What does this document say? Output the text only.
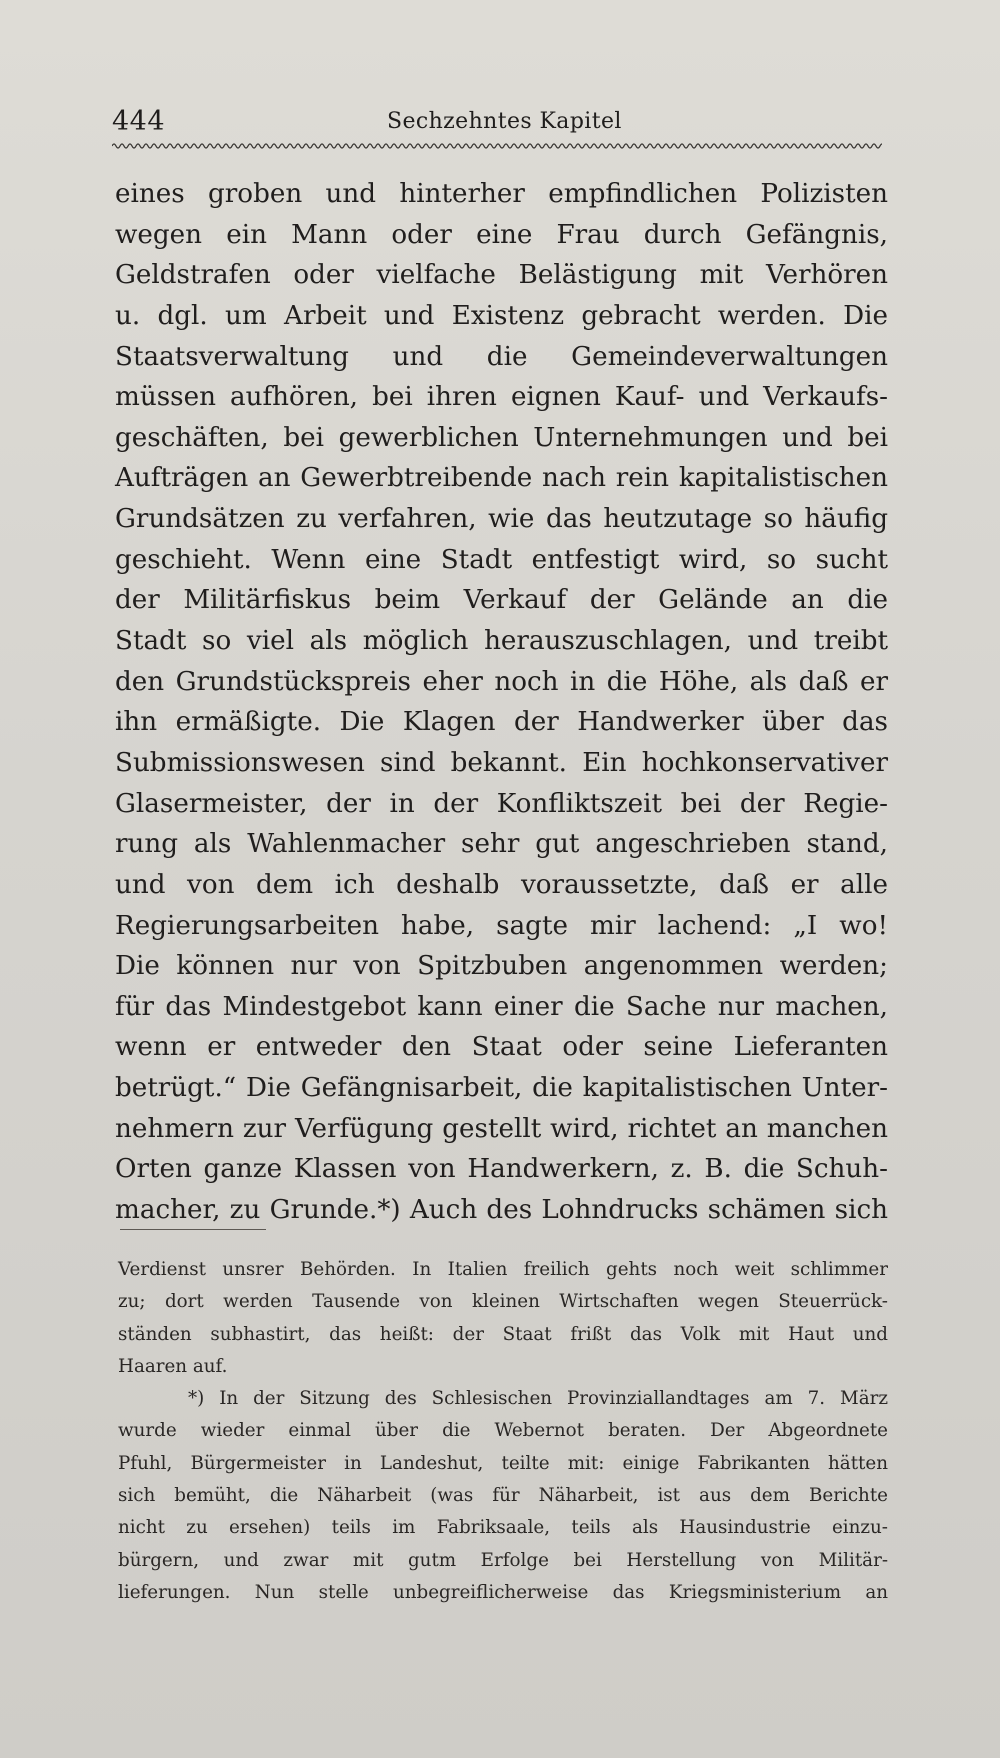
444	Sechzehntes Kapitel
eines groben und hinterher empfindlichen Polizisten
wegen ein Mann oder eine Frau durch Gefängnis,
Geldstrafen oder vielfache Belästigung mit Verhören
u. dgl. um Arbeit und Existenz gebracht werden. Die
Staatsverwaltung und die Gemeindeverwaltungen
müssen aufhören, bei ihren eignen Kauf- und Verkaufs-
geschäften, bei gewerblichen Unternehmungen und bei
Aufträgen an Gewerbtreibende nach rein kapitalistischen
Grundsätzen zu verfahren, wie das heutzutage so häufig
geschieht. Wenn eine Stadt entfestigt wird, so sucht
der Militärfiskus beim Verkauf der Gelände an die
Stadt so viel als möglich herauszuschlagen, und treibt
den Grundstückspreis eher noch in die Höhe, als daß er
ihn ermäßigte. Die Klagen der Handwerker über das
Submissionswesen sind bekannt. Ein hochkonservativer
Glasermeister, der in der Konfliktszeit bei der Regie-
rung als Wahlenmacher sehr gut angeschrieben stand,
und von dem ich deshalb voraussetzte, daß er alle
Regierungsarbeiten habe, sagte mir lachend: „I wo!
Die können nur von Spitzbuben angenommen werden;
für das Mindestgebot kann einer die Sache nur machen,
wenn er entweder den Staat oder seine Lieferanten
betrügt.“ Die Gefängnisarbeit, die kapitalistischen Unter-
nehmern zur Verfügung gestellt wird, richtet an manchen
Orten ganze Klassen von Handwerkern, z. B. die Schuh-
macher, zu Grunde.*) Auch des Lohndrucks schämen sich
Verdienst unsrer Behörden. In Italien freilich gehts noch weit schlimmer
zu; dort werden Tausende von kleinen Wirtschaften wegen Steuerrück-
ständen subhastirt, das heißt: der Staat frißt das Volk mit Haut und
Haaren auf.
*) In der Sitzung des Schlesischen Provinziallandtages am 7. März
wurde wieder einmal über die Webernot beraten. Der Abgeordnete
Pfuhl, Bürgermeister in Landeshut, teilte mit: einige Fabrikanten hätten
sich bemüht, die Näharbeit (was für Näharbeit, ist aus dem Berichte
nicht zu ersehen) teils im Fabriksaale, teils als Hausindustrie einzu-
bürgern, und zwar mit gutm Erfolge bei Herstellung von Militär-
lieferungen. Nun stelle unbegreiflicherweise das Kriegsministerium an
